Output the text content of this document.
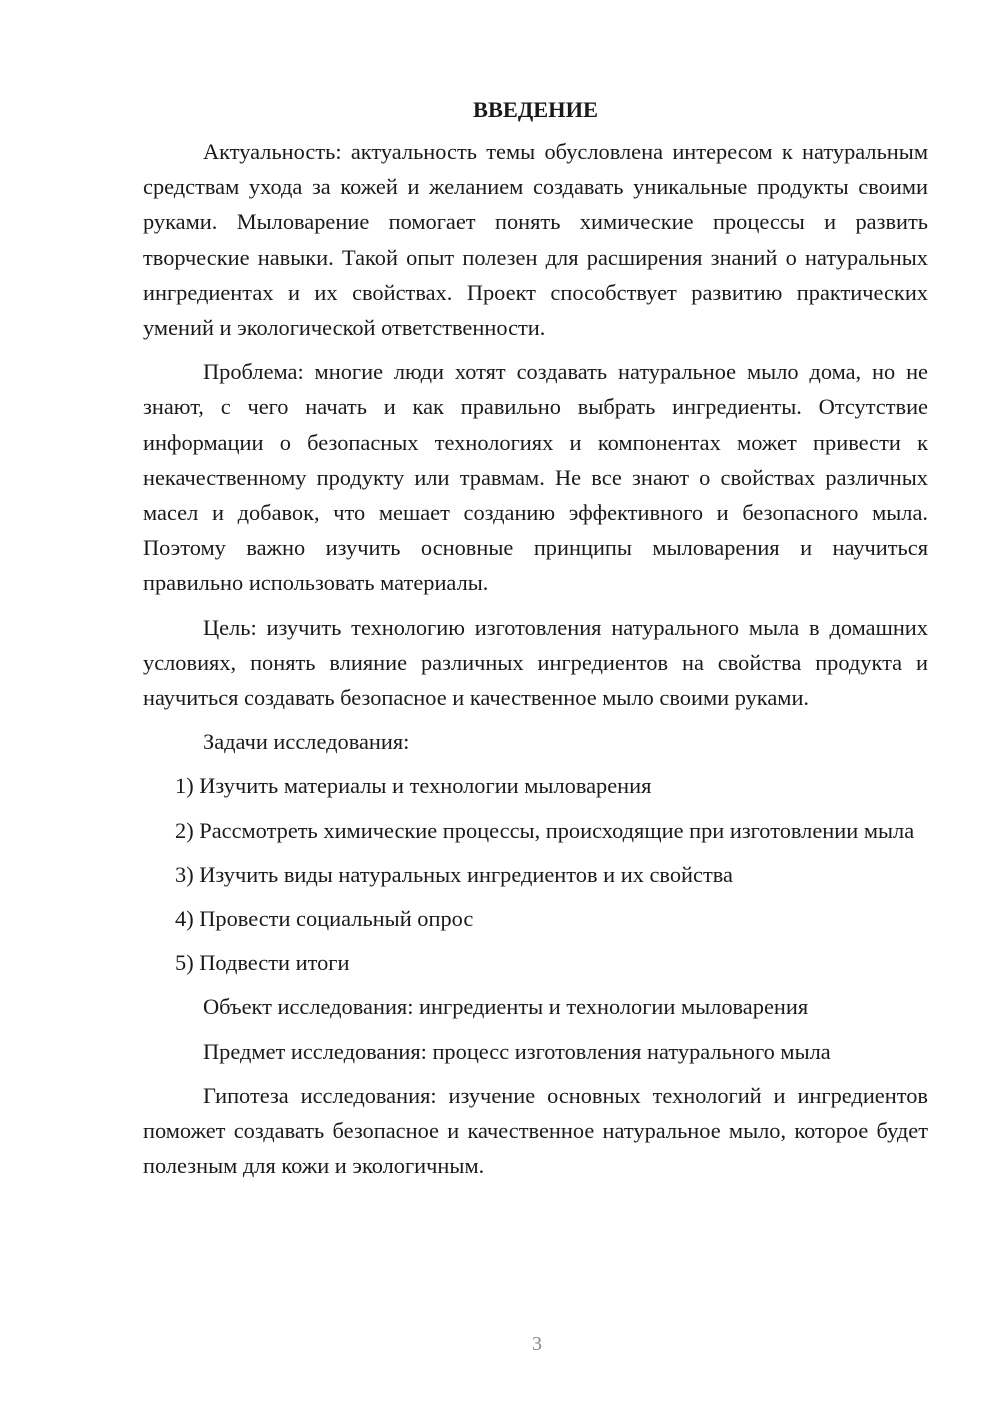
ВВЕДЕНИЕ
Актуальность: актуальность темы обусловлена интересом к натуральным средствам ухода за кожей и желанием создавать уникальные продукты своими руками. Мыловарение помогает понять химические процессы и развить творческие навыки. Такой опыт полезен для расширения знаний о натуральных ингредиентах и их свойствах. Проект способствует развитию практических умений и экологической ответственности.
Проблема: многие люди хотят создавать натуральное мыло дома, но не знают, с чего начать и как правильно выбрать ингредиенты. Отсутствие информации о безопасных технологиях и компонентах может привести к некачественному продукту или травмам. Не все знают о свойствах различных масел и добавок, что мешает созданию эффективного и безопасного мыла. Поэтому важно изучить основные принципы мыловарения и научиться правильно использовать материалы.
Цель: изучить технологию изготовления натурального мыла в домашних условиях, понять влияние различных ингредиентов на свойства продукта и научиться создавать безопасное и качественное мыло своими руками.
Задачи исследования:
1) Изучить материалы и технологии мыловарения
2) Рассмотреть химические процессы, происходящие при изготовлении мыла
3) Изучить виды натуральных ингредиентов и их свойства
4) Провести социальный опрос
5) Подвести итоги
Объект исследования: ингредиенты и технологии мыловарения
Предмет исследования: процесс изготовления натурального мыла
Гипотеза исследования: изучение основных технологий и ингредиентов поможет создавать безопасное и качественное натуральное мыло, которое будет полезным для кожи и экологичным.
3
